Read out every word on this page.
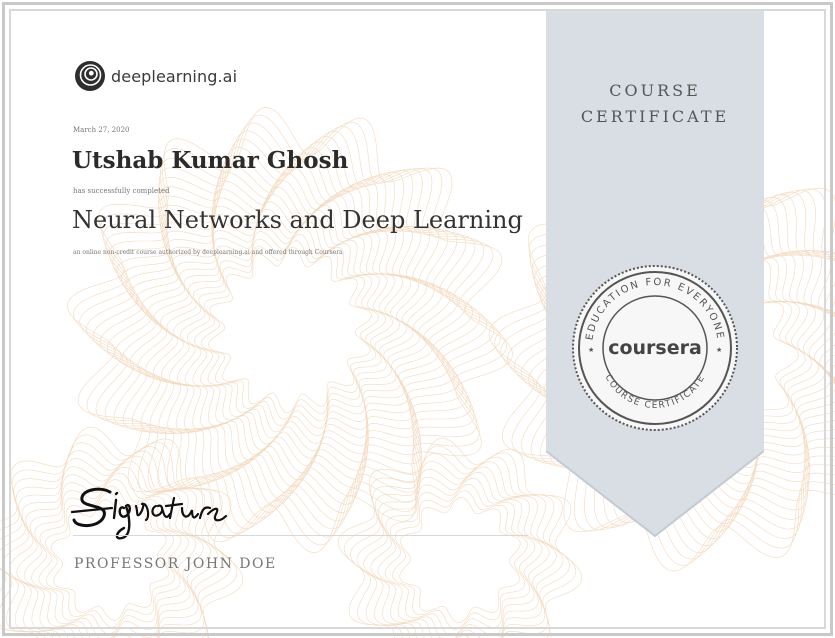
deeplearning.ai
March 27, 2020
Utshab Kumar Ghosh
has successfully completed
Neural Networks and Deep Learning
an online non-credit course authorized by deeplearning.ai and offered through Coursera
PROFESSOR JOHN DOE
COURSE
CERTIFICATE
EDUCATION FOR EVERYONE
COURSE CERTIFICATE
★	★
coursera
